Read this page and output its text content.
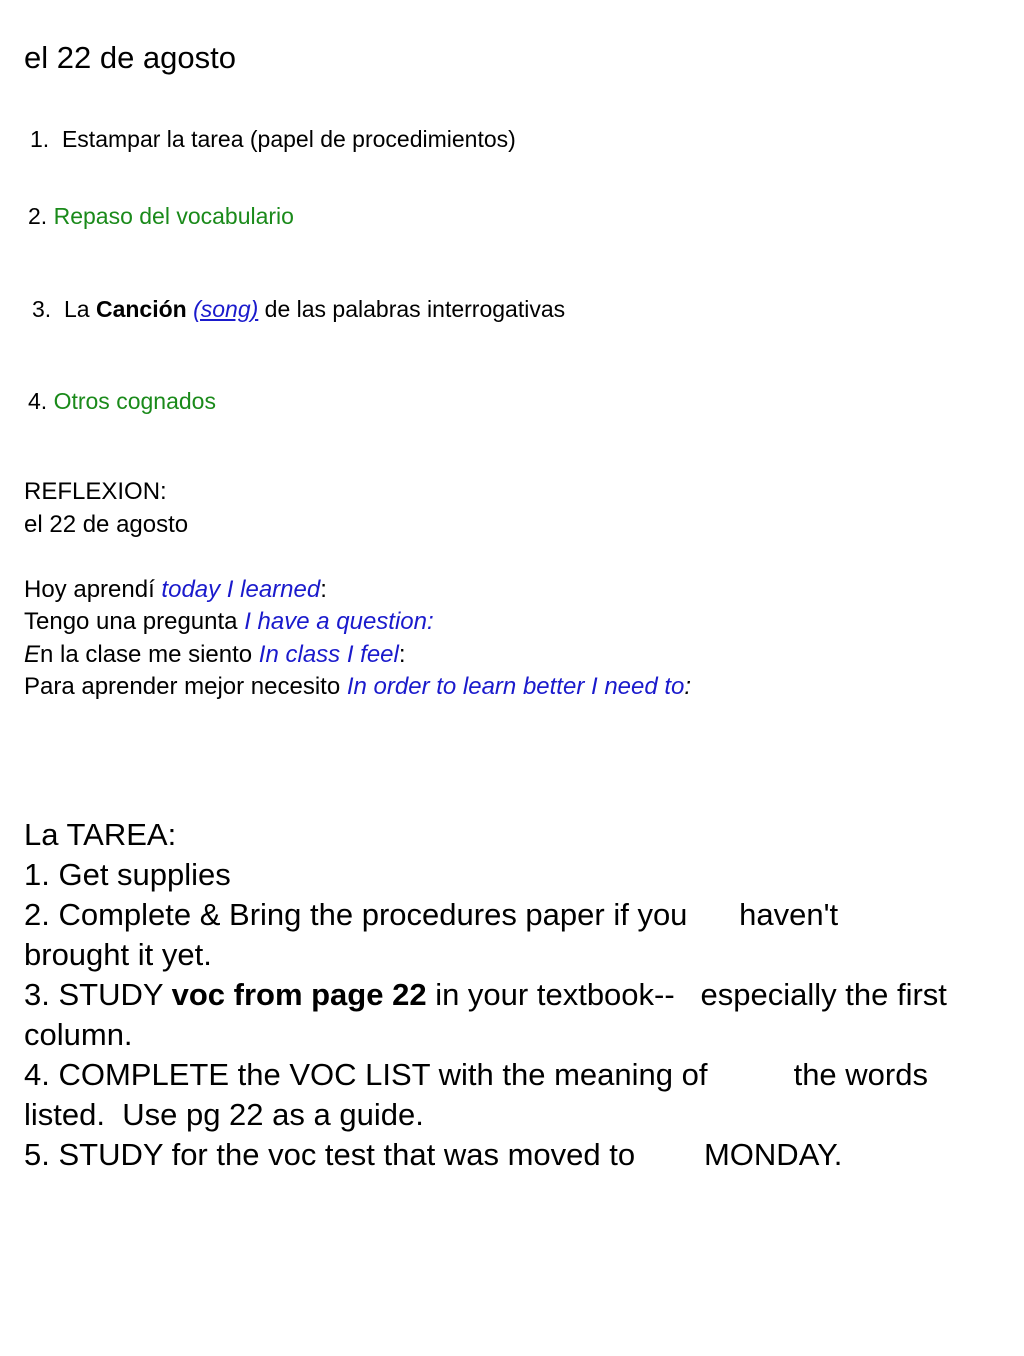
el 22 de agosto
1. Estampar la tarea (papel de procedimientos)
2. Repaso del vocabulario
3. La Canción (song) de las palabras interrogativas
4. Otros cognados
REFLEXION:
el 22 de agosto
Hoy aprendí today I learned:
Tengo una pregunta I have a question:
En la clase me siento In class I feel:
Para aprender mejor necesito In order to learn better I need to:
La TAREA:
1. Get supplies
2. Complete & Bring the procedures paper if you      haven't
brought it yet.
3. STUDY voc from page 22 in your textbook--   especially the first
column.
4. COMPLETE the VOC LIST with the meaning of          the words
listed.  Use pg 22 as a guide.
5. STUDY for the voc test that was moved to        MONDAY.
